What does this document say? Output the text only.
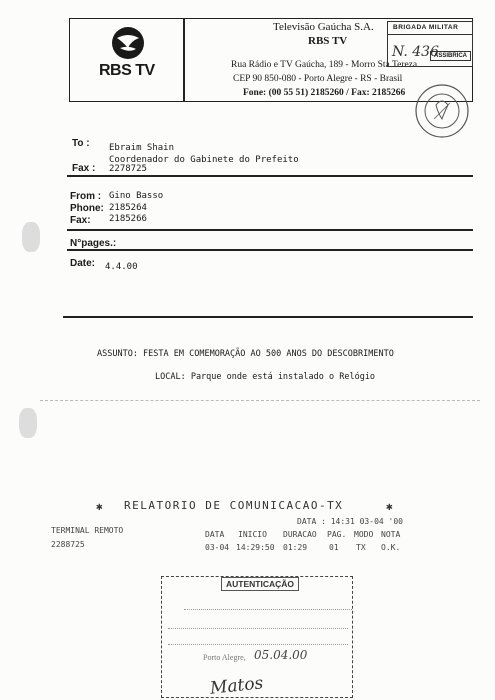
RBS TV
Televisão Gaúcha S.A.
RBS TV
Rua Rádio e TV Gaúcha, 189 - Morro Sta Tereza
CEP 90 850-080 - Porto Alegre - RS - Brasil
Fone: (00 55 51) 2185260 / Fax: 2185266
BRIGADA MILITAR
N. 436
ASSIBRICA
To : Ebraim Shain
Coordenador do Gabinete do Prefeito
Fax : 2278725
From : Gino Basso
Phone: 2185264
Fax: 2185266
N°pages.:
Date: 4.4.00
ASSUNTO: FESTA EM COMEMORAÇÃO AO 500 ANOS DO DESCOBRIMENTO
LOCAL: Parque onde está instalado o Relógio
✱ RELATORIO DE COMUNICACAO-TX	✱
DATA : 14:31 03-04 '00
TERMINAL REMOTO
2288725
DATA INICIO DURACAO PAG. MODO NOTA
03-04 14:29:50 01:29	01 TX O.K.
AUTENTICAÇÃO
Porto Alegre, 05.04.00
Matos
